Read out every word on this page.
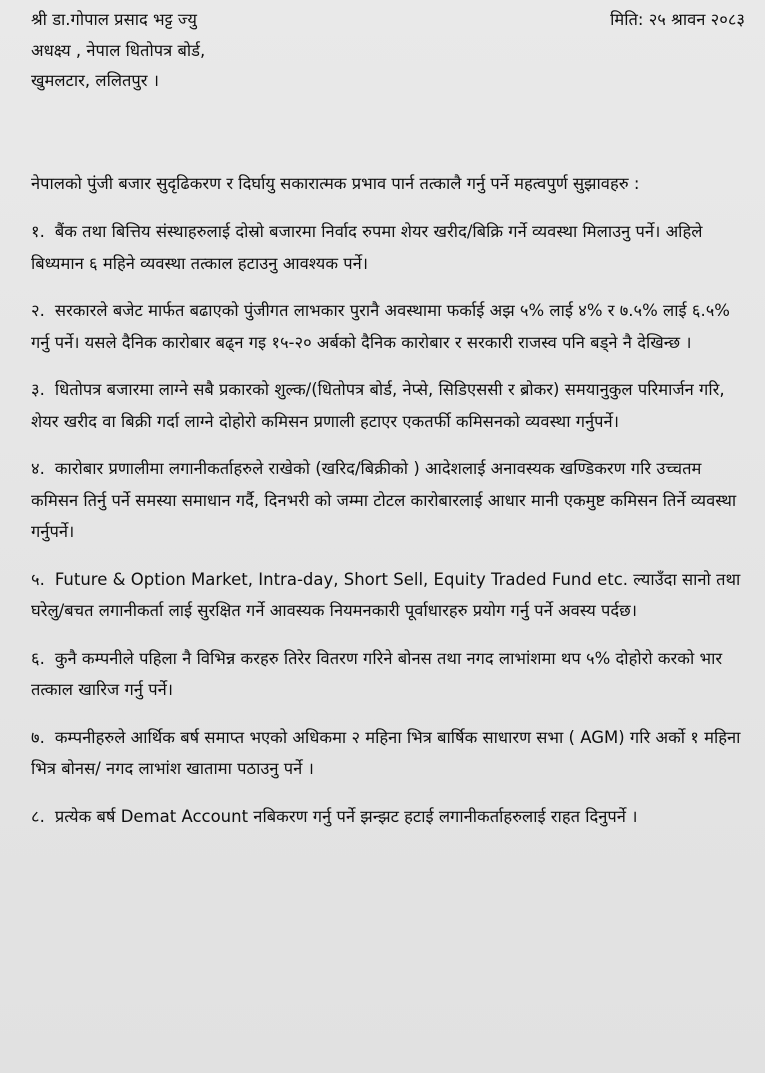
श्री डा.गोपाल प्रसाद भट्ट ज्यु
अधक्ष्य , नेपाल धितोपत्र बोर्ड,
खुमलटार, ललितपुर ।
मिति: २५ श्रावन २०८३
नेपालको पुंजी बजार सुदृढिकरण र दिर्घायु सकारात्मक प्रभाव पार्न तत्कालै गर्नु पर्ने महत्वपुर्ण सुझावहरु :
१. बैंक तथा बित्तिय संस्थाहरुलाई दोस्रो बजारमा निर्वाद रुपमा शेयर खरीद/बिक्रि गर्ने व्यवस्था मिलाउनु पर्ने। अहिले बिध्यमान ६ महिने व्यवस्था तत्काल हटाउनु आवश्यक पर्ने।
२. सरकारले बजेट मार्फत बढाएको पुंजीगत लाभकार पुरानै अवस्थामा फर्काई अझ ५% लाई ४% र ७.५% लाई ६.५% गर्नु पर्ने। यसले दैनिक कारोबार बढ्न गइ १५-२० अर्बको दैनिक कारोबार र सरकारी राजस्व पनि बड्ने नै देखिन्छ ।
३. धितोपत्र बजारमा लाग्ने सबै प्रकारको शुल्क/(धितोपत्र बोर्ड, नेप्से, सिडिएससी र ब्रोकर) समयानुकुल परिमार्जन गरि, शेयर खरीद वा बिक्री गर्दा लाग्ने दोहोरो कमिसन प्रणाली हटाएर एकतर्फी कमिसनको व्यवस्था गर्नुपर्ने।
४. कारोबार प्रणालीमा लगानीकर्ताहरुले राखेको (खरिद/बिक्रीको ) आदेशलाई अनावस्यक खण्डिकरण गरि उच्चतम कमिसन तिर्नु पर्ने समस्या समाधान गर्दै, दिनभरी को जम्मा टोटल कारोबारलाई आधार मानी एकमुष्ट कमिसन तिर्ने व्यवस्था गर्नुपर्ने।
५. Future & Option Market, Intra-day, Short Sell, Equity Traded Fund etc. ल्याउँदा सानो तथा घरेलु/बचत लगानीकर्ता लाई सुरक्षित गर्ने आवस्यक नियमनकारी पूर्वाधारहरु प्रयोग गर्नु पर्ने अवस्य पर्दछ।
६. कुनै कम्पनीले पहिला नै विभिन्न करहरु तिरेर वितरण गरिने बोनस तथा नगद लाभांशमा थप ५% दोहोरो करको भार तत्काल खारिज गर्नु पर्ने।
७. कम्पनीहरुले आर्थिक बर्ष समाप्त भएको अधिकमा २ महिना भित्र बार्षिक साधारण सभा ( AGM) गरि अर्को १ महिना भित्र बोनस/ नगद लाभांश खातामा पठाउनु पर्ने ।
८. प्रत्येक बर्ष Demat Account नबिकरण गर्नु पर्ने झन्झट हटाई लगानीकर्ताहरुलाई राहत दिनुपर्ने ।
